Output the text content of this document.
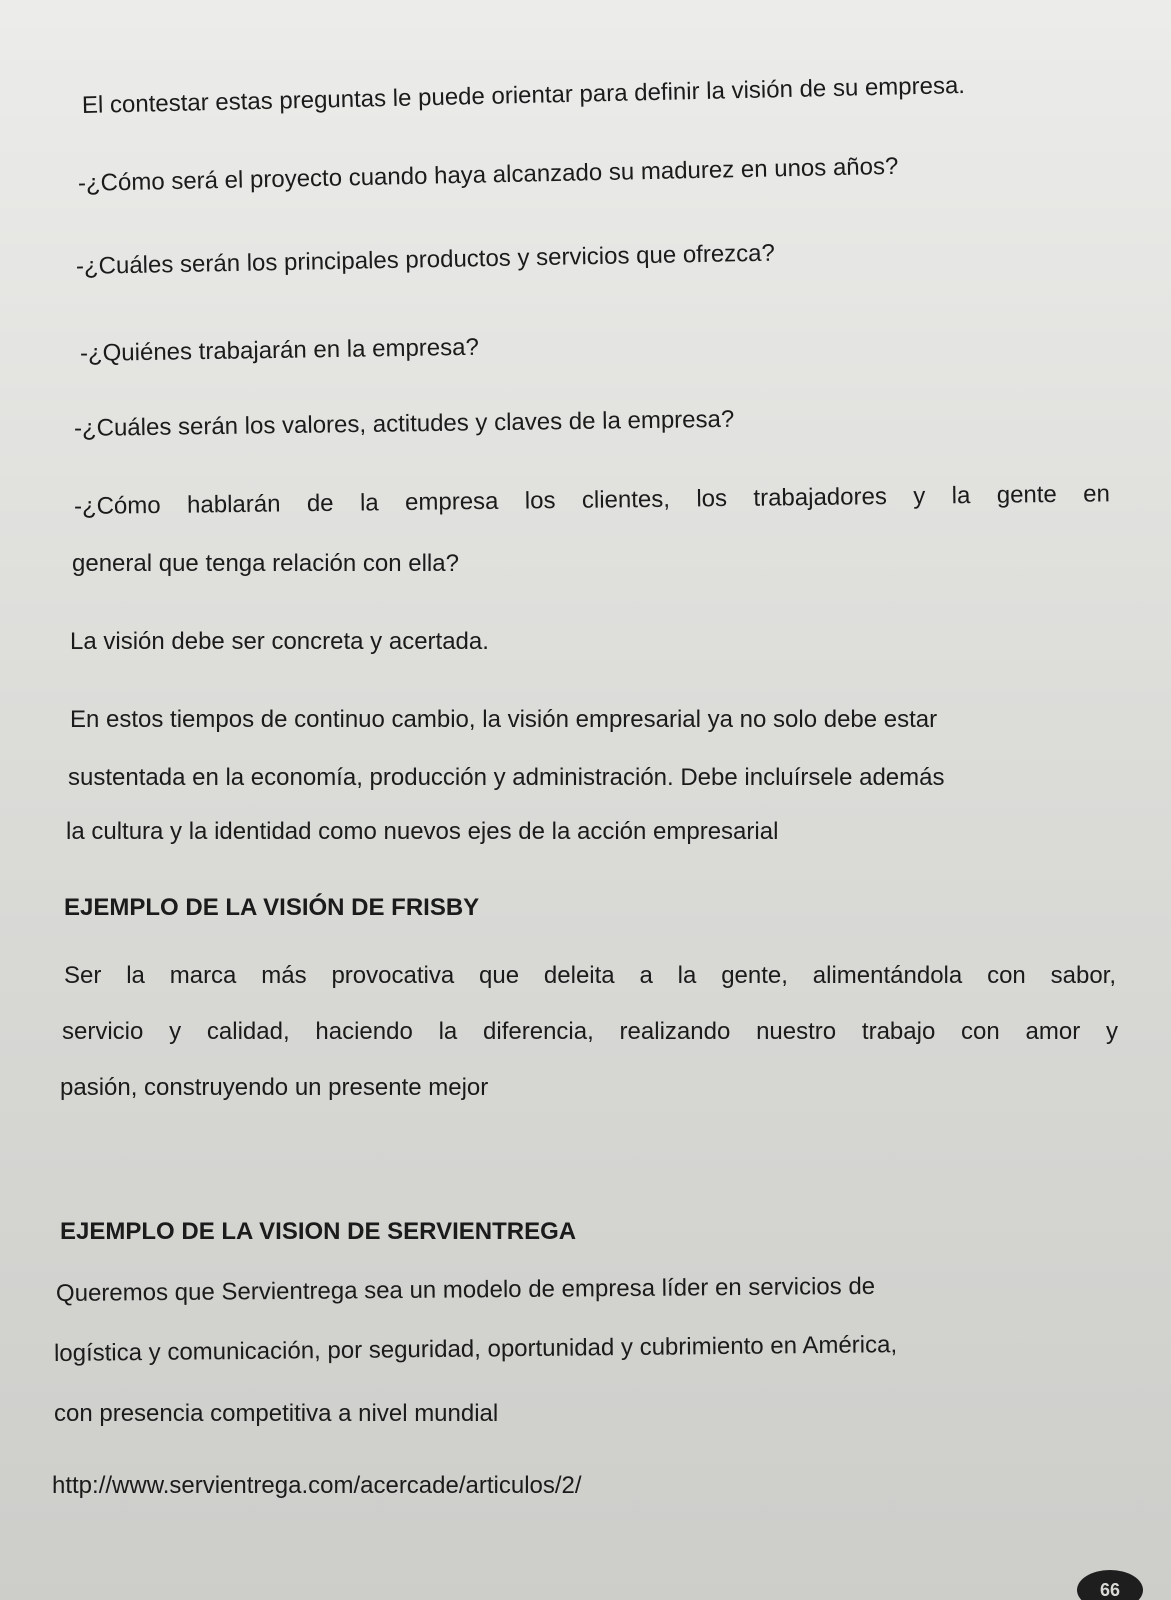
El contestar estas preguntas le puede orientar para definir la visión de su empresa.

-¿Cómo será el proyecto cuando haya alcanzado su madurez en unos años?

-¿Cuáles serán los principales productos y servicios que ofrezca?

-¿Quiénes trabajarán en la empresa?

-¿Cuáles serán los valores, actitudes y claves de la empresa?

-¿Cómo hablarán de la empresa los clientes, los trabajadores y la gente en

general que tenga relación con ella?

La visión debe ser concreta y acertada.

En estos tiempos de continuo cambio, la visión empresarial ya no solo debe estar

sustentada en la economía, producción y administración. Debe incluírsele además

la cultura y la identidad como nuevos ejes de la acción empresarial

EJEMPLO DE LA VISIÓN DE FRISBY

Ser la marca más provocativa que deleita a la gente, alimentándola con sabor,

servicio y calidad, haciendo la diferencia, realizando nuestro trabajo con amor y

pasión, construyendo un presente mejor

EJEMPLO DE LA VISION DE SERVIENTREGA

Queremos que Servientrega sea un modelo de empresa líder en servicios de

logística y comunicación, por seguridad, oportunidad y cubrimiento en América,

con presencia competitiva a nivel mundial

http://www.servientrega.com/acercade/articulos/2/

66
